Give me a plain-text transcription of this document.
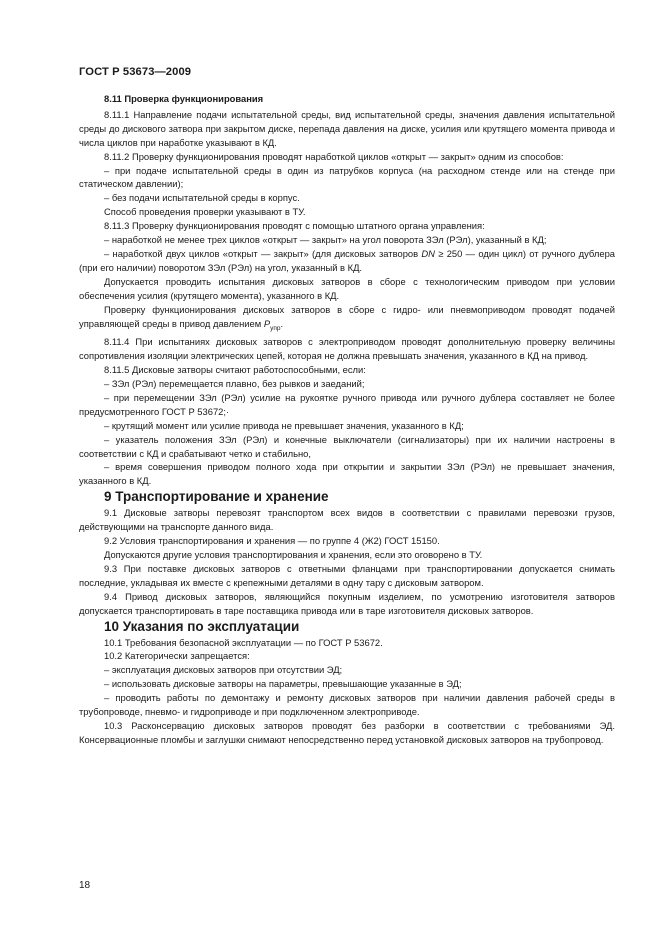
ГОСТ Р 53673—2009

8.11 Проверка функционирования

8.11.1 Направление подачи испытательной среды, вид испытательной среды, значения давления испытательной среды до дискового затвора при закрытом диске, перепада давления на диске, усилия или крутящего момента привода и числа циклов при наработке указывают в КД.

8.11.2 Проверку функционирования проводят наработкой циклов «открыт — закрыт» одним из способов:

– при подаче испытательной среды в один из патрубков корпуса (на расходном стенде или на стенде при статическом давлении);

– без подачи испытательной среды в корпус.

Способ проведения проверки указывают в ТУ.

8.11.3 Проверку функционирования проводят с помощью штатного органа управления:

– наработкой не менее трех циклов «открыт — закрыт» на угол поворота ЗЭл (РЭл), указанный в КД;

– наработкой двух циклов «открыт — закрыт» (для дисковых затворов DN ≥ 250 — один цикл) от ручного дублера (при его наличии) поворотом ЗЭл (РЭл) на угол, указанный в КД.

Допускается проводить испытания дисковых затворов в сборе с технологическим приводом при условии обеспечения усилия (крутящего момента), указанного в КД.

Проверку функционирования дисковых затворов в сборе с гидро- или пневмоприводом проводят подачей управляющей среды в привод давлением $P_{упр}$.

8.11.4 При испытаниях дисковых затворов с электроприводом проводят дополнительную проверку величины сопротивления изоляции электрических цепей, которая не должна превышать значения, указанного в КД на привод.

8.11.5 Дисковые затворы считают работоспособными, если:

– ЗЭл (РЭл) перемещается плавно, без рывков и заеданий;

– при перемещении ЗЭл (РЭл) усилие на рукоятке ручного привода или ручного дублера составляет не более предусмотренного ГОСТ Р 53672;·

– крутящий момент или усилие привода не превышает значения, указанного в КД;

– указатель положения ЗЭл (РЭл) и конечные выключатели (сигнализаторы) при их наличии настроены в соответствии с КД и срабатывают четко и стабильно,

– время совершения приводом полного хода при открытии и закрытии ЗЭл (РЭл) не превышает значения, указанного в КД.

9 Транспортирование и хранение

9.1 Дисковые затворы перевозят транспортом всех видов в соответствии с правилами перевозки грузов, действующими на транспорте данного вида.

9.2 Условия транспортирования и хранения — по группе 4 (Ж2) ГОСТ 15150.

Допускаются другие условия транспортирования и хранения, если это оговорено в ТУ.

9.3 При поставке дисковых затворов с ответными фланцами при транспортировании допускается снимать последние, укладывая их вместе с крепежными деталями в одну тару с дисковым затвором.

9.4 Привод дисковых затворов, являющийся покупным изделием, по усмотрению изготовителя затворов допускается транспортировать в таре поставщика привода или в таре изготовителя дисковых затворов.

10 Указания по эксплуатации

10.1 Требования безопасной эксплуатации — по ГОСТ Р 53672.

10.2 Категорически запрещается:

– эксплуатация дисковых затворов при отсутствии ЭД;

– использовать дисковые затворы на параметры, превышающие указанные в ЭД;

– проводить работы по демонтажу и ремонту дисковых затворов при наличии давления рабочей среды в трубопроводе, пневмо- и гидроприводе и при подключенном электроприводе.

10.3 Расконсервацию дисковых затворов проводят без разборки в соответствии с требованиями ЭД. Консервационные пломбы и заглушки снимают непосредственно перед установкой дисковых затворов на трубопровод.

18
